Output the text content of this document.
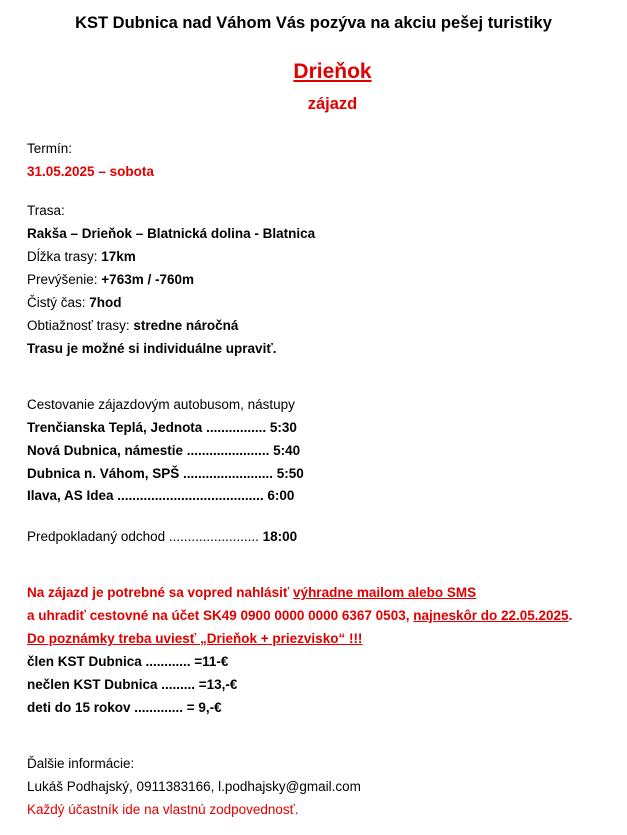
KST Dubnica nad Váhom Vás pozýva na akciu pešej turistiky
Drieňok
zájazd
Termín:
31.05.2025 – sobota
Trasa:
Rakša – Drieňok – Blatnická dolina - Blatnica
Dĺžka trasy: 17km
Prevýšenie: +763m / -760m
Čistý čas: 7hod
Obtiažnosť trasy: stredne náročná
Trasu je možné si individuálne upraviť.
Cestovanie zájazdovým autobusom, nástupy
Trenčianska Teplá, Jednota ................ 5:30
Nová Dubnica, námestie ...................... 5:40
Dubnica n. Váhom, SPŠ ........................ 5:50
Ilava, AS Idea ....................................... 6:00
Predpokladaný odchod ........................ 18:00
Na zájazd je potrebné sa vopred nahlásiť výhradne mailom alebo SMS
a uhradiť cestovné na účet SK49 0900 0000 0000 6367 0503, najneskôr do 22.05.2025.
Do poznámky treba uviesť „Drieňok + priezvisko“ !!!
člen KST Dubnica ............ =11-€
nečlen KST Dubnica ......... =13,-€
deti do 15 rokov ............. = 9,-€
Ďalšie informácie:
Lukáš Podhajský, 0911383166, l.podhajsky@gmail.com
Každý účastník ide na vlastnú zodpovednosť.
